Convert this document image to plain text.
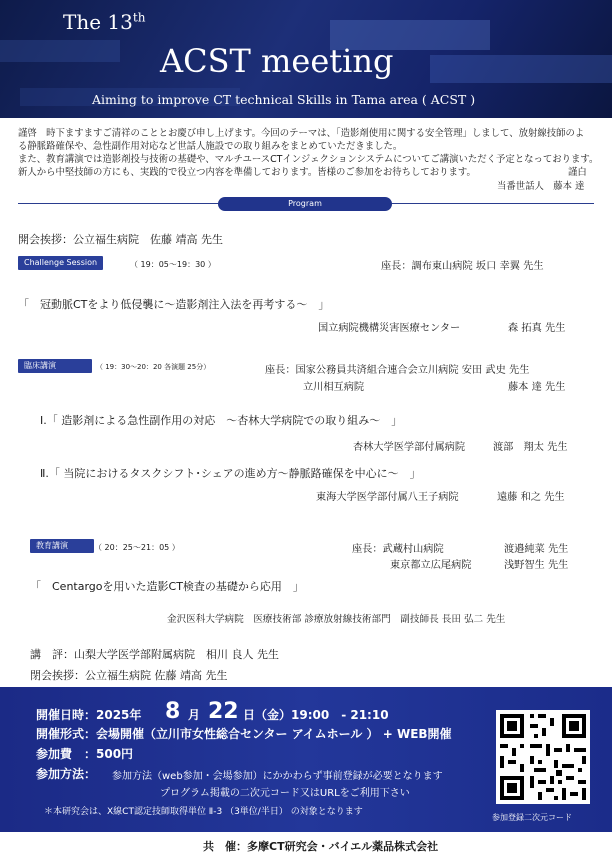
The 13th
ACST meeting
Aiming to improve CT technical Skills in Tama area ( ACST )
謹啓　時下ますますご清祥のこととお慶び申し上げます。今回のテーマは、「造影剤使用に関する安全管理」しまして、放射線技師のよ
る静脈路確保や、急性副作用対応など世話人施設での取り組みをまとめていただきました。
また、教育講演では造影剤投与技術の基礎や、マルチユースCTインジェクションシステムについてご講演いただく予定となっております。
新人から中堅技師の方にも、実践的で役立つ内容を準備しております。皆様のご参加をお待ちしております。	謹白
当番世話人　藤本 達
Program
開会挨拶：公立福生病院　佐藤 靖高 先生
Challenge Session	（ 19：05～19：30 ）	座長：調布東山病院 坂口 幸翼 先生
「　冠動脈CTをより低侵襲に～造影剤注入法を再考する～　」
国立病院機構災害医療センター	森 拓真 先生
臨床講演	（ 19：30～20：20 各演題 25分）	座長：国家公務員共済組合連合会立川病院 安田 武史 先生
立川相互病院	藤本 達 先生
Ⅰ.「 造影剤による急性副作用の対応　～杏林大学病院での取り組み～　」
杏林大学医学部付属病院	渡部　翔太 先生
Ⅱ.「 当院におけるタスクシフト･シェアの進め方～静脈路確保を中心に～　」
東海大学医学部付属八王子病院	遠藤 和之 先生
教育講演	（ 20：25～21：05 ）	座長：武蔵村山病院	渡邉純菜 先生
東京都立広尾病院	浅野智生 先生
「　Centargoを用いた造影CT検査の基礎から応用　」
金沢医科大学病院　医療技術部 診療放射線技術部門　副技師長 長田 弘二 先生
講　評：山梨大学医学部附属病院　相川 良人 先生
閉会挨拶：公立福生病院 佐藤 靖高 先生
開催日時：2025年 8 月 22 日（金）19:00　- 21:10
開催形式：会場開催（立川市女性総合センター アイムホール ） + WEB開催
参加費　：500円
参加方法： 参加方法（web参加・会場参加）にかかわらず事前登録が必要となります
プログラム掲載の二次元コード又はURLをご利用下さい
＊本研究会は、X線CT認定技師取得単位 Ⅱ-3 （3単位/半日） の対象となります
参加登録二次元コード
共　催：多摩CT研究会・バイエル薬品株式会社
